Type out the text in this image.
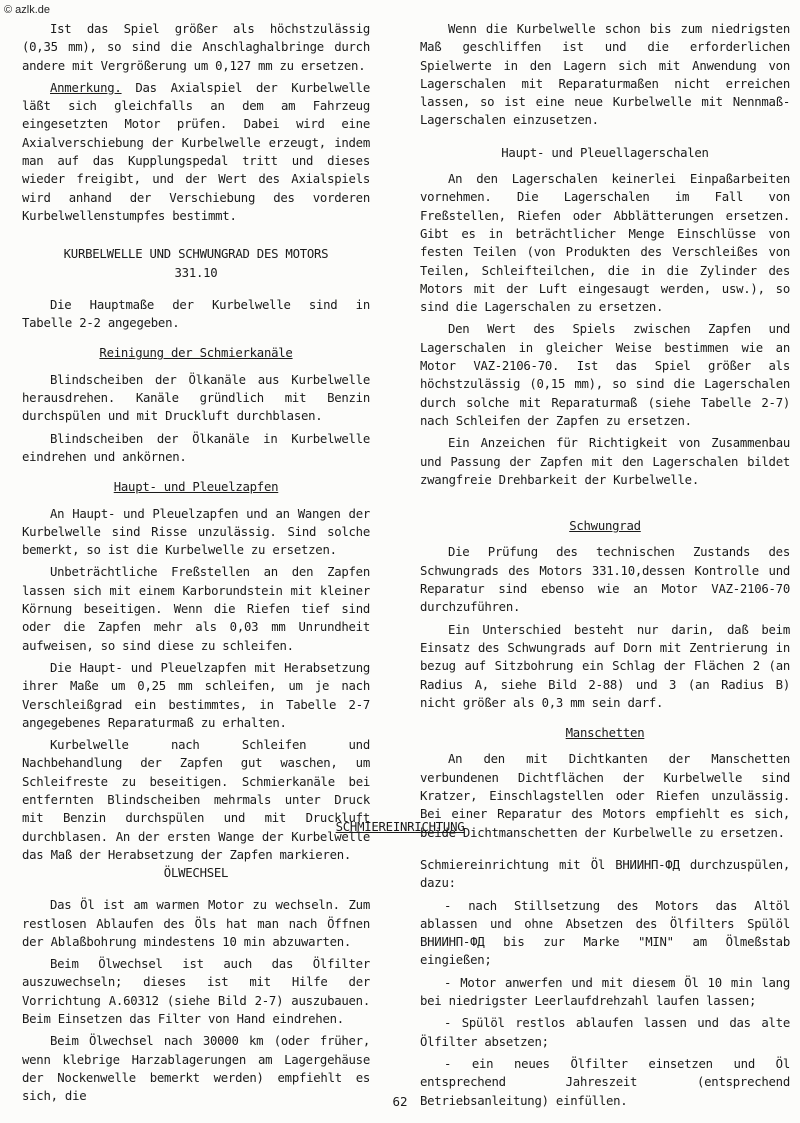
© azlk.de

Ist das Spiel größer als höchstzulässig (0,35 mm), so sind die Anschlaghalbringe durch andere mit Vergrößerung um 0,127 mm zu ersetzen.

Anmerkung. Das Axialspiel der Kurbelwelle läßt sich gleichfalls an dem am Fahrzeug eingesetzten Motor prüfen. Dabei wird eine Axialverschiebung der Kurbelwelle erzeugt, indem man auf das Kupplungspedal tritt und dieses wieder freigibt, und der Wert des Axialspiels wird anhand der Verschiebung des vorderen Kurbelwellenstumpfes bestimmt.

KURBELWELLE UND SCHWUNGRAD DES MOTORS
331.10

Die Hauptmaße der Kurbelwelle sind in Tabelle 2-2 angegeben.

Reinigung der Schmierkanäle

Blindscheiben der Ölkanäle aus Kurbelwelle herausdrehen. Kanäle gründlich mit Benzin durchspülen und mit Druckluft durchblasen.

Blindscheiben der Ölkanäle in Kurbelwelle eindrehen und ankörnen.

Haupt- und Pleuelzapfen

An Haupt- und Pleuelzapfen und an Wangen der Kurbelwelle sind Risse unzulässig. Sind solche bemerkt, so ist die Kurbelwelle zu ersetzen.

Unbeträchtliche Freßstellen an den Zapfen lassen sich mit einem Karborundstein mit kleiner Körnung beseitigen. Wenn die Riefen tief sind oder die Zapfen mehr als 0,03 mm Unrundheit aufweisen, so sind diese zu schleifen.

Die Haupt- und Pleuelzapfen mit Herabsetzung ihrer Maße um 0,25 mm schleifen, um je nach Verschleißgrad ein bestimmtes, in Tabelle 2-7 angegebenes Reparaturmaß zu erhalten.

Kurbelwelle nach Schleifen und Nachbehandlung der Zapfen gut waschen, um Schleifreste zu beseitigen. Schmierkanäle bei entfernten Blindscheiben mehrmals unter Druck mit Benzin durchspülen und mit Druckluft durchblasen. An der ersten Wange der Kurbelwelle das Maß der Herabsetzung der Zapfen markieren.

Wenn die Kurbelwelle schon bis zum niedrigsten Maß geschliffen ist und die erforderlichen Spielwerte in den Lagern sich mit Anwendung von Lagerschalen mit Reparaturmaßen nicht erreichen lassen, so ist eine neue Kurbelwelle mit Nennmaß-Lagerschalen einzusetzen.

Haupt- und Pleuellagerschalen

An den Lagerschalen keinerlei Einpaßarbeiten vornehmen. Die Lagerschalen im Fall von Freßstellen, Riefen oder Abblätterungen ersetzen. Gibt es in beträchtlicher Menge Einschlüsse von festen Teilen (von Produkten des Verschleißes von Teilen, Schleifteilchen, die in die Zylinder des Motors mit der Luft eingesaugt werden, usw.), so sind die Lagerschalen zu ersetzen.

Den Wert des Spiels zwischen Zapfen und Lagerschalen in gleicher Weise bestimmen wie an Motor VAZ-2106-70. Ist das Spiel größer als höchstzulässig (0,15 mm), so sind die Lagerschalen durch solche mit Reparaturmaß (siehe Tabelle 2-7) nach Schleifen der Zapfen zu ersetzen.

Ein Anzeichen für Richtigkeit von Zusammenbau und Passung der Zapfen mit den Lagerschalen bildet zwangfreie Drehbarkeit der Kurbelwelle.

Schwungrad

Die Prüfung des technischen Zustands des Schwungrads des Motors 331.10,dessen Kontrolle und Reparatur sind ebenso wie an Motor VAZ-2106-70 durchzuführen.

Ein Unterschied besteht nur darin, daß beim Einsatz des Schwungrads auf Dorn mit Zentrierung in bezug auf Sitzbohrung ein Schlag der Flächen 2 (an Radius A, siehe Bild 2-88) und 3 (an Radius B) nicht größer als 0,3 mm sein darf.

Manschetten

An den mit Dichtkanten der Manschetten verbundenen Dichtflächen der Kurbelwelle sind Kratzer, Einschlagstellen oder Riefen unzulässig. Bei einer Reparatur des Motors empfiehlt es sich, beide Dichtmanschetten der Kurbelwelle zu ersetzen.

SCHMIEREINRICHTUNG
ÖLWECHSEL

Das Öl ist am warmen Motor zu wechseln. Zum restlosen Ablaufen des Öls hat man nach Öffnen der Ablaßbohrung mindestens 10 min abzuwarten.

Beim Ölwechsel ist auch das Ölfilter auszuwechseln; dieses ist mit Hilfe der Vorrichtung A.60312 (siehe Bild 2-7) auszubauen. Beim Einsetzen das Filter von Hand eindrehen.

Beim Ölwechsel nach 30000 km (oder früher, wenn klebrige Harzablagerungen am Lagergehäuse der Nockenwelle bemerkt werden) empfiehlt es sich, die

Schmiereinrichtung mit Öl ВНИИНП-ФД durchzuspülen, dazu:

- nach Stillsetzung des Motors das Altöl ablassen und ohne Absetzen des Ölfilters Spülöl ВНИИНП-ФД bis zur Marke "MIN" am Ölmeßstab eingießen;

- Motor anwerfen und mit diesem Öl 10 min lang bei niedrigster Leerlaufdrehzahl laufen lassen;

- Spülöl restlos ablaufen lassen und das alte Ölfilter absetzen;

- ein neues Ölfilter einsetzen und Öl entsprechend Jahreszeit (entsprechend Betriebsanleitung) einfüllen.

62
